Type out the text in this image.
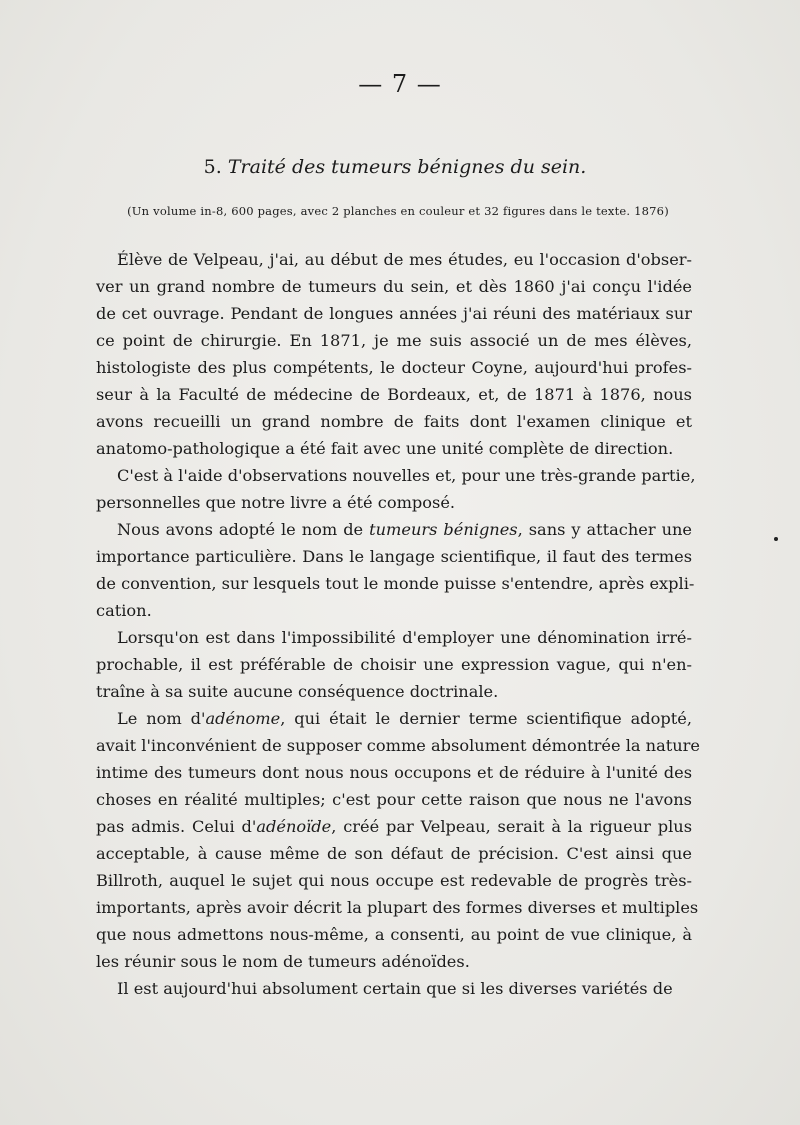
— 7 —
5. Traité des tumeurs bénignes du sein.
(Un volume in-8, 600 pages, avec 2 planches en couleur et 32 figures dans le texte. 1876)
Élève de Velpeau, j'ai, au début de mes études, eu l'occasion d'obser-
ver un grand nombre de tumeurs du sein, et dès 1860 j'ai conçu l'idée
de cet ouvrage. Pendant de longues années j'ai réuni des matériaux sur
ce point de chirurgie. En 1871, je me suis associé un de mes élèves,
histologiste des plus compétents, le docteur Coyne, aujourd'hui profes-
seur à la Faculté de médecine de Bordeaux, et, de 1871 à 1876, nous
avons recueilli un grand nombre de faits dont l'examen clinique et
anatomo-pathologique a été fait avec une unité complète de direction.
C'est à l'aide d'observations nouvelles et, pour une très-grande partie,
personnelles que notre livre a été composé.
Nous avons adopté le nom de tumeurs bénignes, sans y attacher une
importance particulière. Dans le langage scientifique, il faut des termes
de convention, sur lesquels tout le monde puisse s'entendre, après expli-
cation.
Lorsqu'on est dans l'impossibilité d'employer une dénomination irré-
prochable, il est préférable de choisir une expression vague, qui n'en-
traîne à sa suite aucune conséquence doctrinale.
Le nom d'adénome, qui était le dernier terme scientifique adopté,
avait l'inconvénient de supposer comme absolument démontrée la nature
intime des tumeurs dont nous nous occupons et de réduire à l'unité des
choses en réalité multiples; c'est pour cette raison que nous ne l'avons
pas admis. Celui d'adénoïde, créé par Velpeau, serait à la rigueur plus
acceptable, à cause même de son défaut de précision. C'est ainsi que
Billroth, auquel le sujet qui nous occupe est redevable de progrès très-
importants, après avoir décrit la plupart des formes diverses et multiples
que nous admettons nous-même, a consenti, au point de vue clinique, à
les réunir sous le nom de tumeurs adénoïdes.
Il est aujourd'hui absolument certain que si les diverses variétés de
